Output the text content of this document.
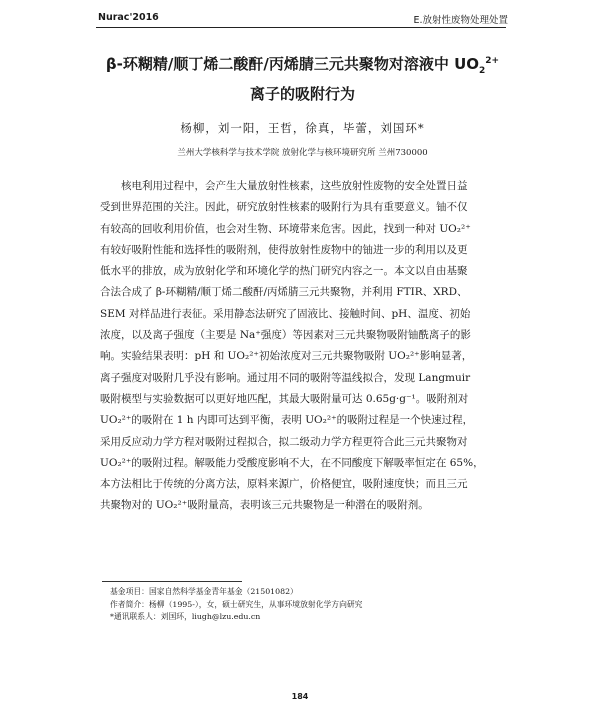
Nurac'2016	E.放射性废物处理处置
β-环糊精/顺丁烯二酸酐/丙烯腈三元共聚物对溶液中 $UO_2^{2+}$
离子的吸附行为
杨柳，刘一阳，王哲，徐真，毕蕾，刘国环*
兰州大学核科学与技术学院 放射化学与核环境研究所 兰州730000
　　核电利用过程中，会产生大量放射性核素，这些放射性废物的安全处置日益
受到世界范围的关注。因此，研究放射性核素的吸附行为具有重要意义。铀不仅
有较高的回收利用价值，也会对生物、环境带来危害。因此，找到一种对 UO₂²⁺
有较好吸附性能和选择性的吸附剂，使得放射性废物中的铀进一步的利用以及更
低水平的排放，成为放射化学和环境化学的热门研究内容之一。本文以自由基聚
合法合成了 β-环糊精/顺丁烯二酸酐/丙烯腈三元共聚物，并利用 FTIR、XRD、
SEM 对样品进行表征。采用静态法研究了固液比、接触时间、pH、温度、初始
浓度，以及离子强度（主要是 Na⁺强度）等因素对三元共聚物吸附铀酰离子的影
响。实验结果表明：pH 和 UO₂²⁺初始浓度对三元共聚物吸附 UO₂²⁺影响显著，
离子强度对吸附几乎没有影响。通过用不同的吸附等温线拟合，发现 Langmuir
吸附模型与实验数据可以更好地匹配，其最大吸附量可达 0.65g·g⁻¹。吸附剂对
UO₂²⁺的吸附在 1 h 内即可达到平衡，表明 UO₂²⁺的吸附过程是一个快速过程，
采用反应动力学方程对吸附过程拟合，拟二级动力学方程更符合此三元共聚物对
UO₂²⁺的吸附过程。解吸能力受酸度影响不大，在不同酸度下解吸率恒定在 65%，
本方法相比于传统的分离方法，原料来源广，价格便宜，吸附速度快；而且三元
共聚物对的 UO₂²⁺吸附量高，表明该三元共聚物是一种潜在的吸附剂。
基金项目：国家自然科学基金青年基金（21501082）
作者简介：杨柳（1995-），女，硕士研究生，从事环境放射化学方向研究
*通讯联系人：刘国环，liugh@lzu.edu.cn
184
